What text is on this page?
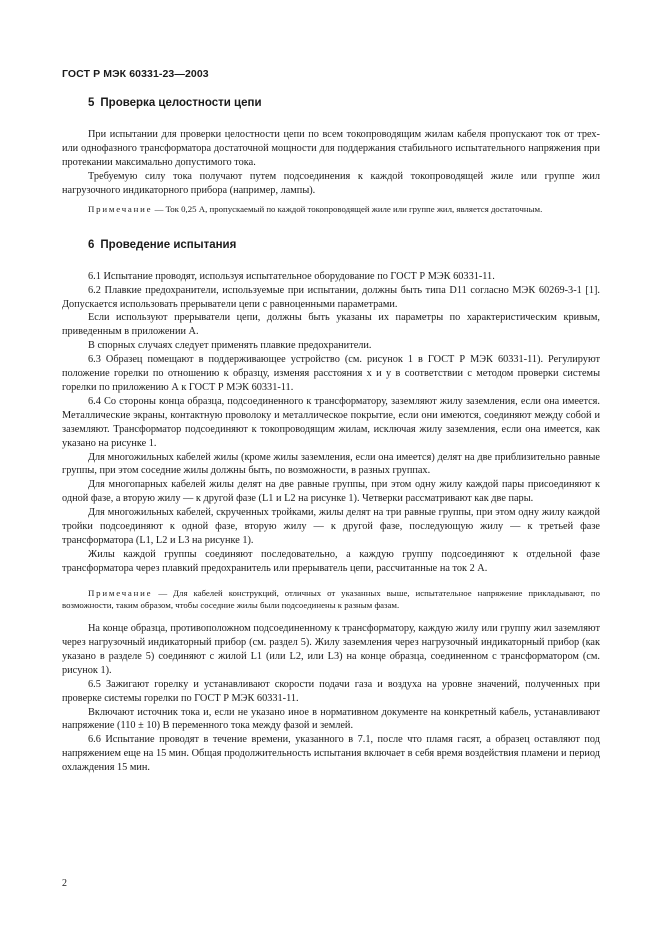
ГОСТ Р МЭК 60331-23—2003
5 Проверка целостности цепи

При испытании для проверки целостности цепи по всем токопроводящим жилам кабеля пропускают ток от трех- или однофазного трансформатора достаточной мощности для поддержания стабильного испытательного напряжения при протекании максимально допустимого тока.

Требуемую силу тока получают путем подсоединения к каждой токопроводящей жиле или группе жил нагрузочного индикаторного прибора (например, лампы).

Примечание — Ток 0,25 А, пропускаемый по каждой токопроводящей жиле или группе жил, является достаточным.

6 Проведение испытания

6.1 Испытание проводят, используя испытательное оборудование по ГОСТ Р МЭК 60331-11.

6.2 Плавкие предохранители, используемые при испытании, должны быть типа D11 согласно МЭК 60269-3-1 [1]. Допускается использовать прерыватели цепи с равноценными параметрами.

Если используют прерыватели цепи, должны быть указаны их параметры по характеристическим кривым, приведенным в приложении А.

В спорных случаях следует применять плавкие предохранители.

6.3 Образец помещают в поддерживающее устройство (см. рисунок 1 в ГОСТ Р МЭК 60331-11). Регулируют положение горелки по отношению к образцу, изменяя расстояния x и y в соответствии с методом проверки системы горелки по приложению А к ГОСТ Р МЭК 60331-11.

6.4 Со стороны конца образца, подсоединенного к трансформатору, заземляют жилу заземления, если она имеется. Металлические экраны, контактную проволоку и металлическое покрытие, если они имеются, соединяют между собой и заземляют. Трансформатор подсоединяют к токопроводящим жилам, исключая жилу заземления, если она имеется, как указано на рисунке 1.

Для многожильных кабелей жилы (кроме жилы заземления, если она имеется) делят на две приблизительно равные группы, при этом соседние жилы должны быть, по возможности, в разных группах.

Для многопарных кабелей жилы делят на две равные группы, при этом одну жилу каждой пары присоединяют к одной фазе, а вторую жилу — к другой фазе (L1 и L2 на рисунке 1). Четверки рассматривают как две пары.

Для многожильных кабелей, скрученных тройками, жилы делят на три равные группы, при этом одну жилу каждой тройки подсоединяют к одной фазе, вторую жилу — к другой фазе, последующую жилу — к третьей фазе трансформатора (L1, L2 и L3 на рисунке 1).

Жилы каждой группы соединяют последовательно, а каждую группу подсоединяют к отдельной фазе трансформатора через плавкий предохранитель или прерыватель цепи, рассчитанные на ток 2 А.

Примечание — Для кабелей конструкций, отличных от указанных выше, испытательное напряжение прикладывают, по возможности, таким образом, чтобы соседние жилы были подсоединены к разным фазам.

На конце образца, противоположном подсоединенному к трансформатору, каждую жилу или группу жил заземляют через нагрузочный индикаторный прибор (см. раздел 5). Жилу заземления через нагрузочный индикаторный прибор (как указано в разделе 5) соединяют с жилой L1 (или L2, или L3) на конце образца, соединенном с трансформатором (см. рисунок 1).

6.5 Зажигают горелку и устанавливают скорости подачи газа и воздуха на уровне значений, полученных при проверке системы горелки по ГОСТ Р МЭК 60331-11.

Включают источник тока и, если не указано иное в нормативном документе на конкретный кабель, устанавливают напряжение (110 ± 10) В переменного тока между фазой и землей.

6.6 Испытание проводят в течение времени, указанного в 7.1, после что пламя гасят, а образец оставляют под напряжением еще на 15 мин. Общая продолжительность испытания включает в себя время воздействия пламени и период охлаждения 15 мин.

2
